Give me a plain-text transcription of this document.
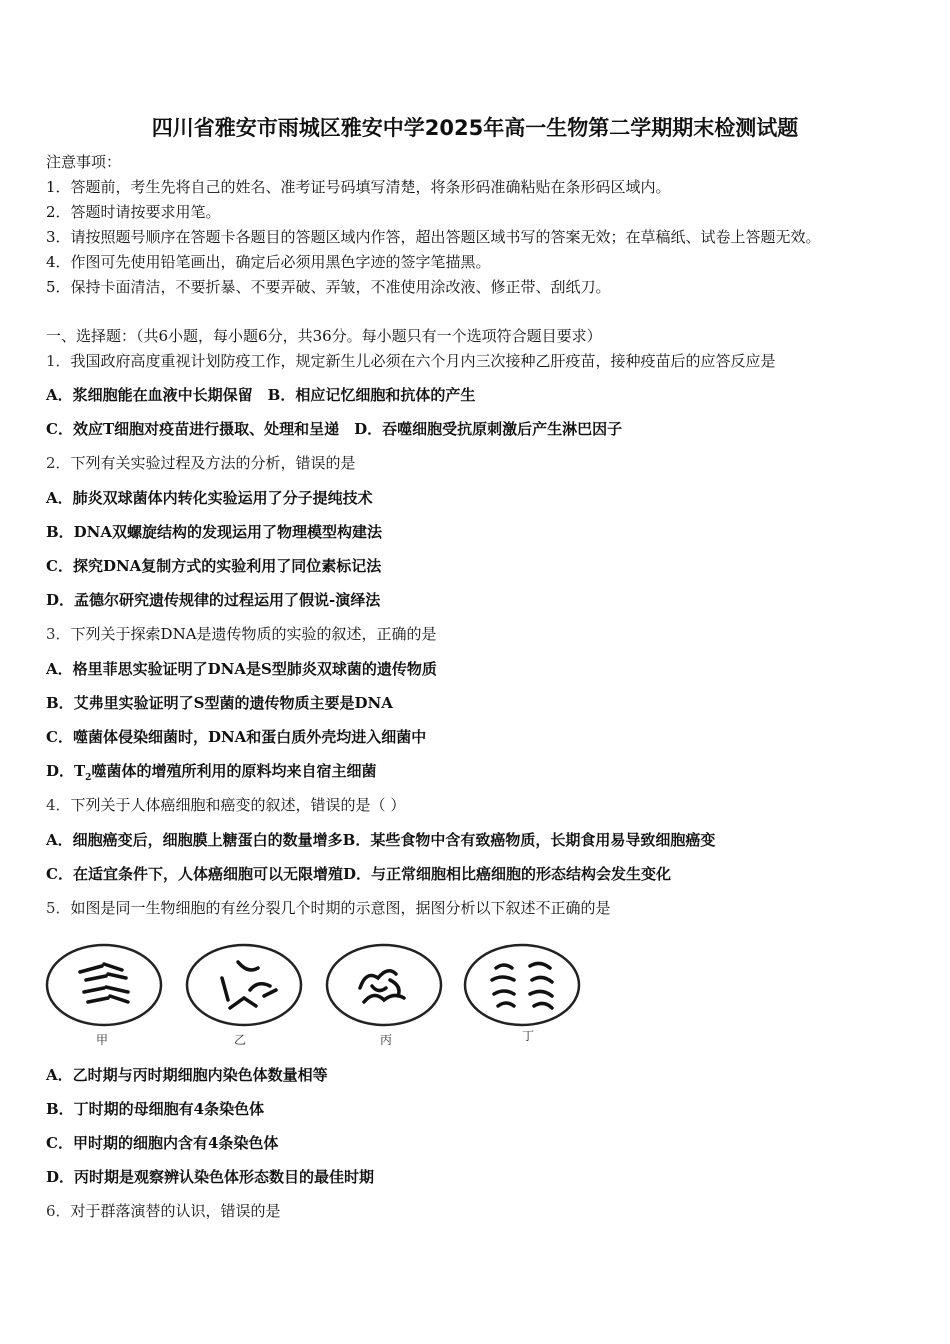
四川省雅安市雨城区雅安中学2025年高一生物第二学期期末检测试题
注意事项：
1．答题前，考生先将自己的姓名、准考证号码填写清楚，将条形码准确粘贴在条形码区域内。
2．答题时请按要求用笔。
3．请按照题号顺序在答题卡各题目的答题区域内作答，超出答题区域书写的答案无效；在草稿纸、试卷上答题无效。
4．作图可先使用铅笔画出，确定后必须用黑色字迹的签字笔描黑。
5．保持卡面清洁，不要折暴、不要弄破、弄皱，不准使用涂改液、修正带、刮纸刀。
一、选择题：（共6小题，每小题6分，共36分。每小题只有一个选项符合题目要求）
1．我国政府高度重视计划防疫工作，规定新生儿必须在六个月内三次接种乙肝疫苗，接种疫苗后的应答反应是
A．浆细胞能在血液中长期保留　B．相应记忆细胞和抗体的产生
C．效应T细胞对疫苗进行摄取、处理和呈递　D．吞噬细胞受抗原刺激后产生淋巴因子
2．下列有关实验过程及方法的分析，错误的是
A．肺炎双球菌体内转化实验运用了分子提纯技术
B．DNA双螺旋结构的发现运用了物理模型构建法
C．探究DNA复制方式的实验利用了同位素标记法
D．孟德尔研究遗传规律的过程运用了假说-演绎法
3．下列关于探索DNA是遗传物质的实验的叙述，正确的是
A．格里菲思实验证明了DNA是S型肺炎双球菌的遗传物质
B．艾弗里实验证明了S型菌的遗传物质主要是DNA
C．噬菌体侵染细菌时，DNA和蛋白质外壳均进入细菌中
D．$T_2$噬菌体的增殖所利用的原料均来自宿主细菌
4．下列关于人体癌细胞和癌变的叙述，错误的是（ ）
A．细胞癌变后，细胞膜上糖蛋白的数量增多B．某些食物中含有致癌物质，长期食用易导致细胞癌变
C．在适宜条件下，人体癌细胞可以无限增殖D．与正常细胞相比癌细胞的形态结构会发生变化
5．如图是同一生物细胞的有丝分裂几个时期的示意图，据图分析以下叙述不正确的是
甲	乙	丙	丁
A．乙时期与丙时期细胞内染色体数量相等
B．丁时期的母细胞有4条染色体
C．甲时期的细胞内含有4条染色体
D．丙时期是观察辨认染色体形态数目的最佳时期
6．对于群落演替的认识，错误的是
